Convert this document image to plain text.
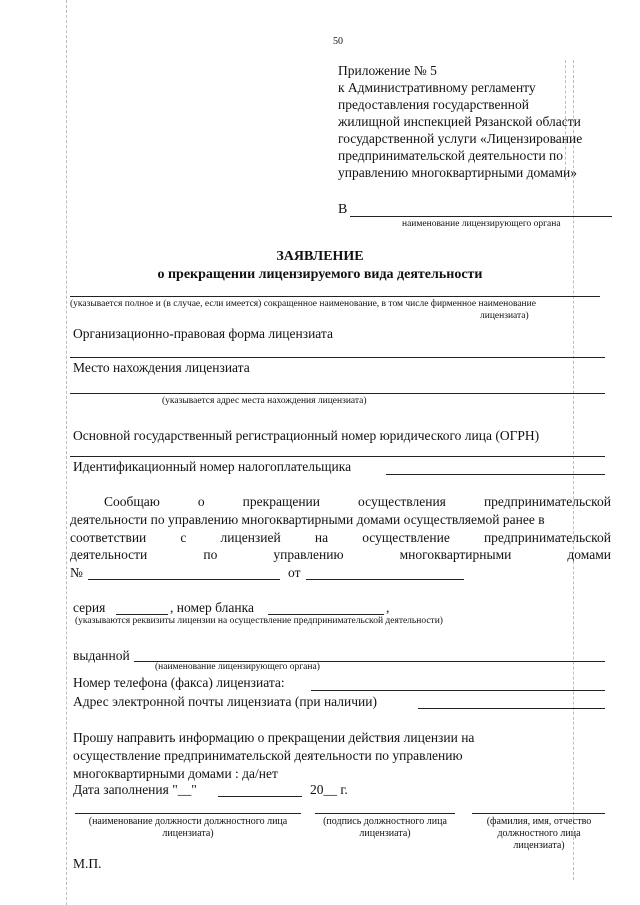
50
Приложение № 5
к Административному регламенту
предоставления государственной
жилищной инспекцией Рязанской области
государственной услуги «Лицензирование
предпринимательской деятельности по
управлению многоквартирными домами»
В
наименование лицензирующего органа
ЗАЯВЛЕНИЕ
о прекращении лицензируемого вида деятельности
(указывается полное и (в случае, если имеется) сокращенное наименование, в том числе фирменное наименование
лицензиата)
Организационно-правовая форма лицензиата
Место нахождения лицензиата
(указывается адрес места нахождения лицензиата)
Основной государственный регистрационный номер юридического лица (ОГРН)
Идентификационный номер налогоплательщика
Сообщаю	о	прекращении	осуществления	предпринимательской
деятельности по управлению многоквартирными домами осуществляемой ранее в
соответствии	с	лицензией	на	осуществление	предпринимательской
деятельности	по	управлению	многоквартирными	домами
№	от
серия	, номер бланка	,
(указываются реквизиты лицензии на осуществление предпринимательской деятельности)
выданной
(наименование лицензирующего органа)
Номер телефона (факса) лицензиата:
Адрес электронной почты лицензиата (при наличии)
Прошу направить информацию о прекращении действия лицензии на
осуществление предпринимательской деятельности по управлению
многоквартирными домами : да/нет
Дата заполнения "__"	20__ г.
(наименование должности должностного лица
лицензиата)
(подпись должностного лица
лицензиата)
(фамилия, имя, отчество
должностного лица
лицензиата)
М.П.
